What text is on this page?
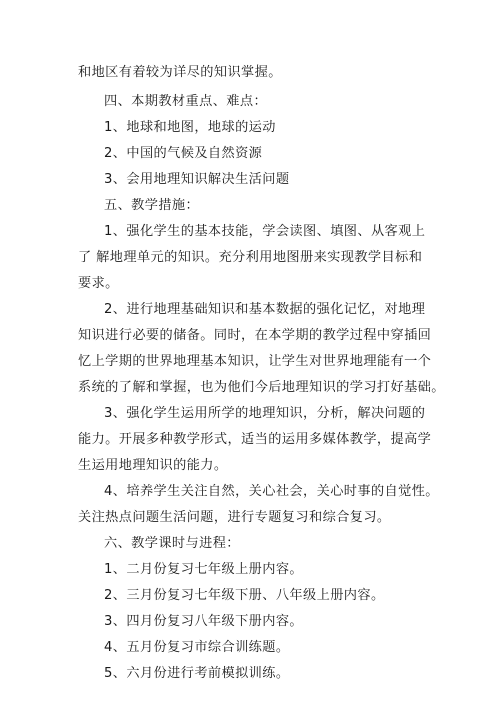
和地区有着较为详尽的知识掌握。
四、本期教材重点、难点：
1、地球和地图，地球的运动
2、中国的气候及自然资源
3、会用地理知识解决生活问题
五、教学措施：
1、强化学生的基本技能，学会读图、填图、从客观上
了 解地理单元的知识。充分利用地图册来实现教学目标和
要求。
2、进行地理基础知识和基本数据的强化记忆，对地理
知识进行必要的储备。同时，在本学期的教学过程中穿插回
忆上学期的世界地理基本知识，让学生对世界地理能有一个
系统的了解和掌握，也为他们今后地理知识的学习打好基础。
3、强化学生运用所学的地理知识，分析，解决问题的
能力。开展多种教学形式，适当的运用多媒体教学，提高学
生运用地理知识的能力。
4、培养学生关注自然，关心社会，关心时事的自觉性。
关注热点问题生活问题，进行专题复习和综合复习。
六、教学课时与进程：
1、二月份复习七年级上册内容。
2、三月份复习七年级下册、八年级上册内容。
3、四月份复习八年级下册内容。
4、五月份复习市综合训练题。
5、六月份进行考前模拟训练。
